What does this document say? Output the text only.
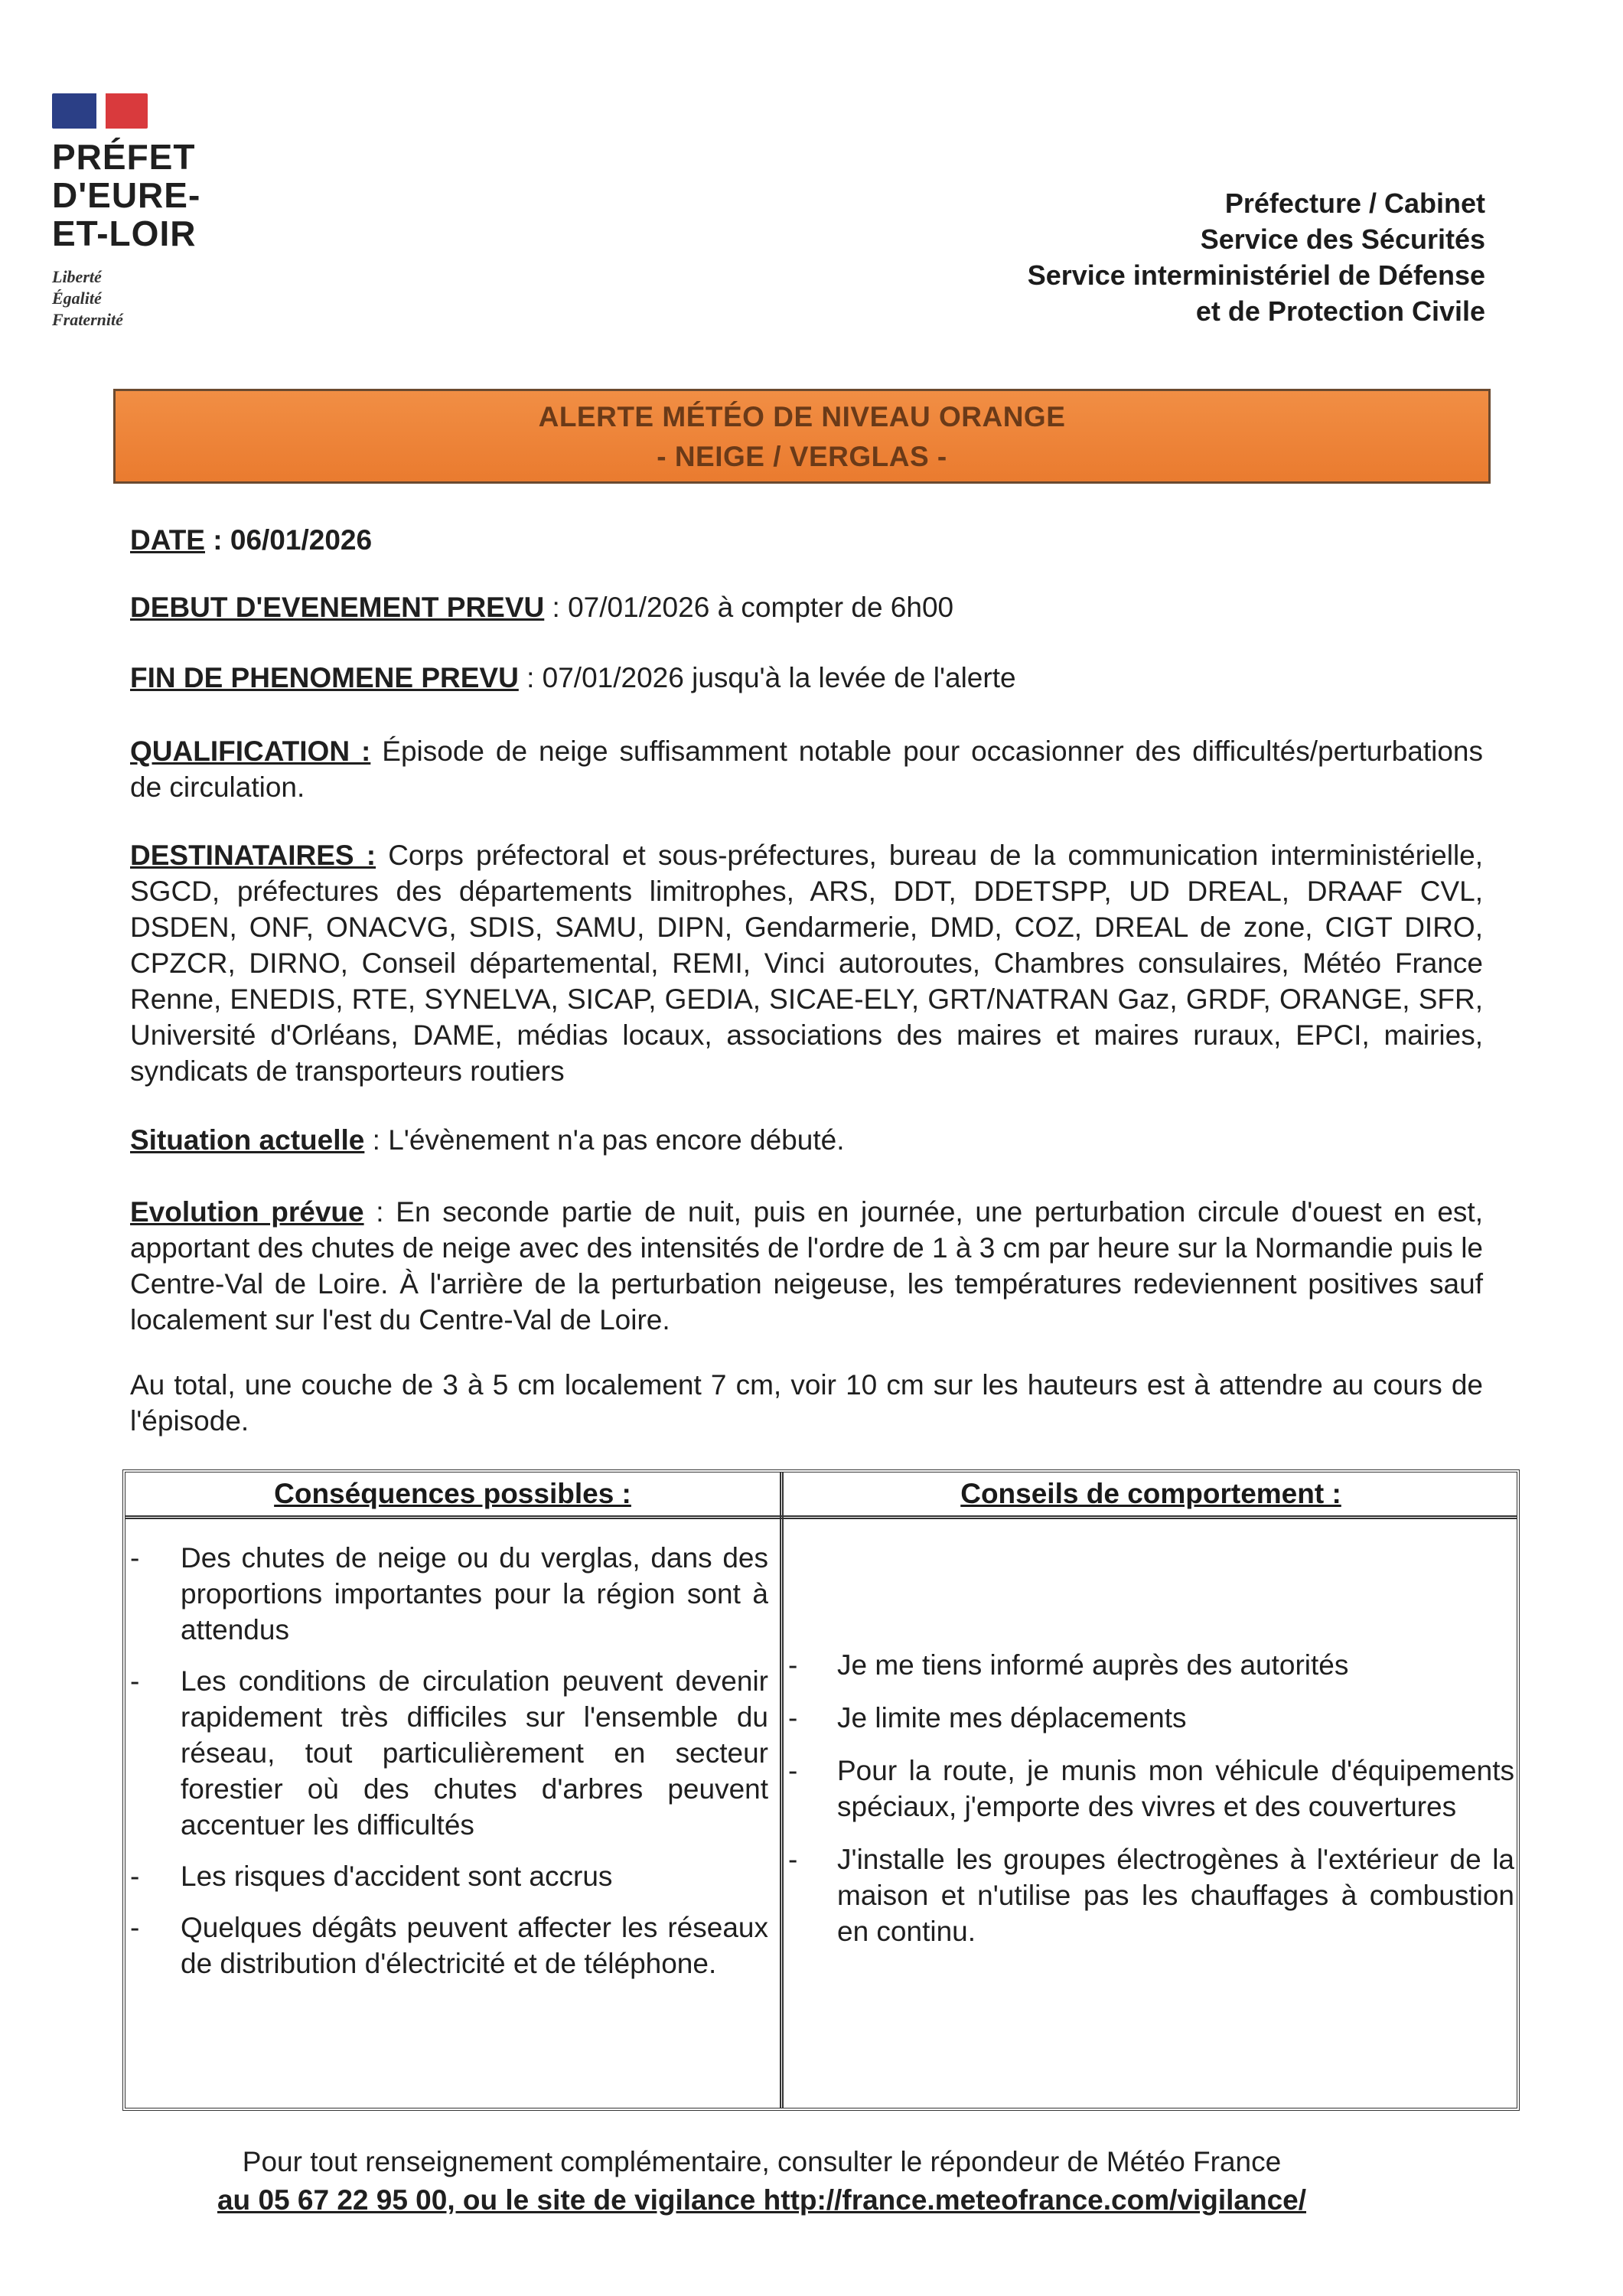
PRÉFET
D'EURE-
ET-LOIR
Liberté
Égalité
Fraternité
Préfecture / Cabinet
Service des Sécurités
Service interministériel de Défense
et de Protection Civile
ALERTE MÉTÉO DE NIVEAU ORANGE
- NEIGE / VERGLAS -
DATE : 06/01/2026
DEBUT D'EVENEMENT PREVU : 07/01/2026 à compter de 6h00
FIN DE PHENOMENE PREVU : 07/01/2026 jusqu'à la levée de l'alerte
QUALIFICATION : Épisode de neige suffisamment notable pour occasionner des difficultés/perturbations de circulation.
DESTINATAIRES : Corps préfectoral et sous-préfectures, bureau de la communication interministérielle, SGCD, préfectures des départements limitrophes, ARS, DDT, DDETSPP, UD DREAL, DRAAF CVL, DSDEN, ONF, ONACVG, SDIS, SAMU, DIPN, Gendarmerie, DMD, COZ, DREAL de zone, CIGT DIRO, CPZCR, DIRNO, Conseil départemental, REMI, Vinci autoroutes, Chambres consulaires, Météo France Renne, ENEDIS, RTE, SYNELVA, SICAP, GEDIA, SICAE-ELY, GRT/NATRAN Gaz, GRDF, ORANGE, SFR, Université d'Orléans, DAME, médias locaux, associations des maires et maires ruraux, EPCI, mairies, syndicats de transporteurs routiers
Situation actuelle : L'évènement n'a pas encore débuté.
Evolution prévue : En seconde partie de nuit, puis en journée, une perturbation circule d'ouest en est, apportant des chutes de neige avec des intensités de l'ordre de 1 à 3 cm par heure sur la Normandie puis le Centre-Val de Loire. À l'arrière de la perturbation neigeuse, les températures redeviennent positives sauf localement sur l'est du Centre-Val de Loire.
Au total, une couche de 3 à 5 cm localement 7 cm, voir 10 cm sur les hauteurs est à attendre au cours de l'épisode.
Conséquences possibles :	Conseils de comportement :
- Des chutes de neige ou du verglas, dans des proportions importantes pour la région sont à attendus
- Les conditions de circulation peuvent devenir rapidement très difficiles sur l'ensemble du réseau, tout particulièrement en secteur forestier où des chutes d'arbres peuvent accentuer les difficultés
- Les risques d'accident sont accrus
- Quelques dégâts peuvent affecter les réseaux de distribution d'électricité et de téléphone.
- Je me tiens informé auprès des autorités
- Je limite mes déplacements
- Pour la route, je munis mon véhicule d'équipements spéciaux, j'emporte des vivres et des couvertures
- J'installe les groupes électrogènes à l'extérieur de la maison et n'utilise pas les chauffages à combustion en continu.
Pour tout renseignement complémentaire, consulter le répondeur de Météo France
au 05 67 22 95 00, ou le site de vigilance http://france.meteofrance.com/vigilance/
